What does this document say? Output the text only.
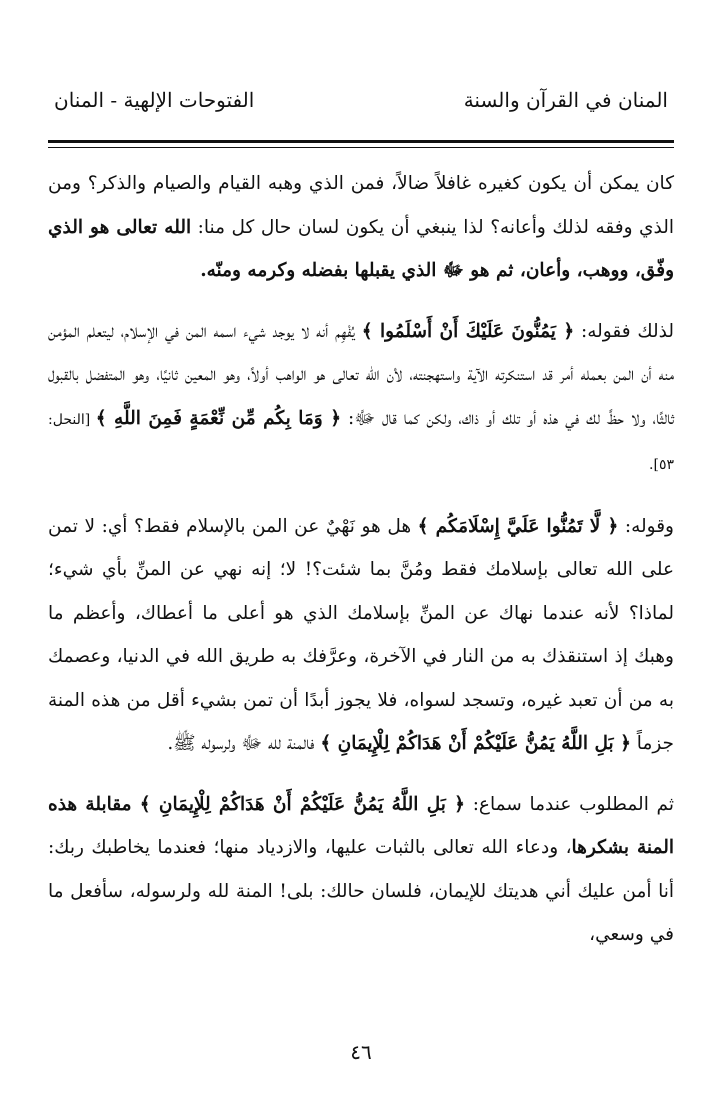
المنان في القرآن والسنة
الفتوحات الإلهية - المنان

كان يمكن أن يكون كغيره غافلاً ضالاً، فمن الذي وهبه القيام والصيام والذكر؟ ومن الذي وفقه لذلك وأعانه؟ لذا ينبغي أن يكون لسان حال كل منا: الله تعالى هو الذي وفّق، ووهب، وأعان، ثم هو ﷻ الذي يقبلها بفضله وكرمه ومنّه.

لذلك فقوله: ﴿ يَمُنُّونَ عَلَيْكَ أَنْ أَسْلَمُوا ﴾ يُفْهِم أنه لا يوجد شيء اسمه المن في الإسلام، ليتعلم المؤمن منه أن المن بعمله أمر قد استنكرته الآية واستهجنته، لأن الله تعالى هو الواهب أولاً، وهو المعين ثانيًا، وهو المتفضل بالقبول ثالثًا، ولا حظَّ لك في هذه أو تلك أو ذاك، ولكن كما قال ﷻ: ﴿ وَمَا بِكُم مِّن نِّعْمَةٍ فَمِنَ اللَّهِ ﴾ [النحل: ٥٣].

وقوله: ﴿ لَّا تَمُنُّوا عَلَيَّ إِسْلَامَكُم ﴾ هل هو نَهْيٌ عن المن بالإسلام فقط؟ أي: لا تمن على الله تعالى بإسلامك فقط ومُنَّ بما شئت؟! لا؛ إنه نهي عن المنِّ بأي شيء؛ لماذا؟ لأنه عندما نهاك عن المنِّ بإسلامك الذي هو أعلى ما أعطاك، وأعظم ما وهبك إذ استنقذك به من النار في الآخرة، وعرَّفك به طريق الله في الدنيا، وعصمك به من أن تعبد غيره، وتسجد لسواه، فلا يجوز أبدًا أن تمن بشيء أقل من هذه المنة جزماً ﴿ بَلِ اللَّهُ يَمُنُّ عَلَيْكُمْ أَنْ هَدَاكُمْ لِلْإِيمَانِ ﴾ فالمنة لله ﷻ ولرسوله ﷺ.

ثم المطلوب عندما سماع: ﴿ بَلِ اللَّهُ يَمُنُّ عَلَيْكُمْ أَنْ هَدَاكُمْ لِلْإِيمَانِ ﴾ مقابلة هذه المنة بشكرها، ودعاء الله تعالى بالثبات عليها، والازدياد منها؛ فعندما يخاطبك ربك: أنا أمن عليك أني هديتك للإيمان، فلسان حالك: بلى! المنة لله ولرسوله، سأفعل ما في وسعي،

٤٦
